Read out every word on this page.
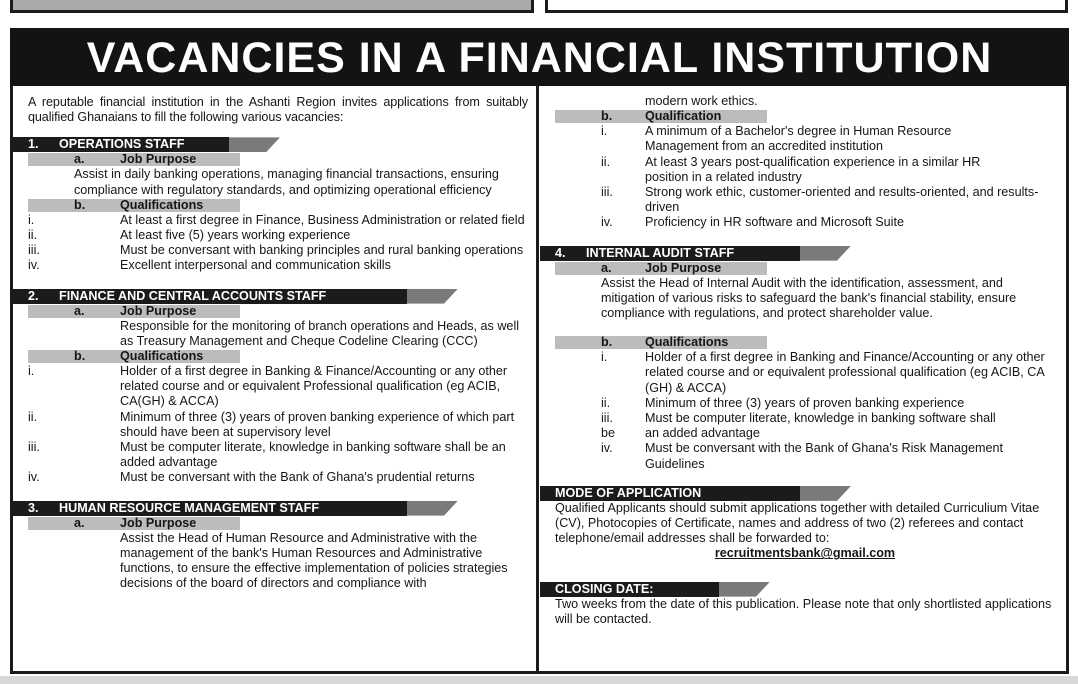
VACANCIES IN A FINANCIAL INSTITUTION

A reputable financial institution in the Ashanti Region invites applications from suitably qualified Ghanaians to fill the following various vacancies:

1. OPERATIONS STAFF
a.	Job Purpose

Assist in daily banking operations, managing financial transactions, ensuring compliance with regulatory standards, and optimizing operational efficiency

b.	Qualifications
i.	At least a first degree in Finance, Business Administration or related field
ii.	At least five (5) years working experience
iii.	Must be conversant with banking principles and rural banking operations
iv.	Excellent interpersonal and communication skills
2. FINANCE AND CENTRAL ACCOUNTS STAFF
a.	Job Purpose

Responsible for the monitoring of branch operations and Heads, as well as Treasury Management and Cheque Codeline Clearing (CCC)

b.	Qualifications
i.	Holder of a first degree in Banking & Finance/Accounting or any other related course and or equivalent Professional qualification (eg ACIB, CA(GH) & ACCA)
ii.	Minimum of three (3) years of proven banking experience of which part should have been at supervisory level
iii.	Must be computer literate, knowledge in banking software shall be an added advantage
iv.	Must be conversant with the Bank of Ghana's prudential returns
3. HUMAN RESOURCE MANAGEMENT STAFF
a.	Job Purpose

Assist the Head of Human Resource and Administrative with the management of the bank's Human Resources and Administrative functions, to ensure the effective implementation of policies strategies decisions of the board of directors and compliance with

modern work ethics.

b.	Qualification
i.	A minimum of a Bachelor's degree in Human Resource Management from an accredited institution
ii.	At least 3 years post-qualification experience in a similar HR position in a related industry
iii.	Strong work ethic, customer-oriented and results-oriented, and results-driven
iv.	Proficiency in HR software and Microsoft Suite
4. INTERNAL AUDIT STAFF
a.	Job Purpose

Assist the Head of Internal Audit with the identification, assessment, and mitigation of various risks to safeguard the bank's financial stability, ensure compliance with regulations, and protect shareholder value.

b.	Qualifications
i.	Holder of a first degree in Banking and Finance/Accounting or any other related course and or equivalent professional qualification (eg ACIB, CA (GH) & ACCA)
ii.	Minimum of three (3) years of proven banking experience
iii.	Must be computer literate, knowledge in banking software shall
be an added advantage
iv.	Must be conversant with the Bank of Ghana's Risk Management Guidelines
MODE OF APPLICATION

Qualified Applicants should submit applications together with detailed Curriculium Vitae (CV), Photocopies of Certificate, names and address of two (2) referees and contact telephone/email addresses shall be forwarded to:

recruitmentsbank@gmail.com

CLOSING DATE:

Two weeks from the date of this publication. Please note that only shortlisted applications will be contacted.
